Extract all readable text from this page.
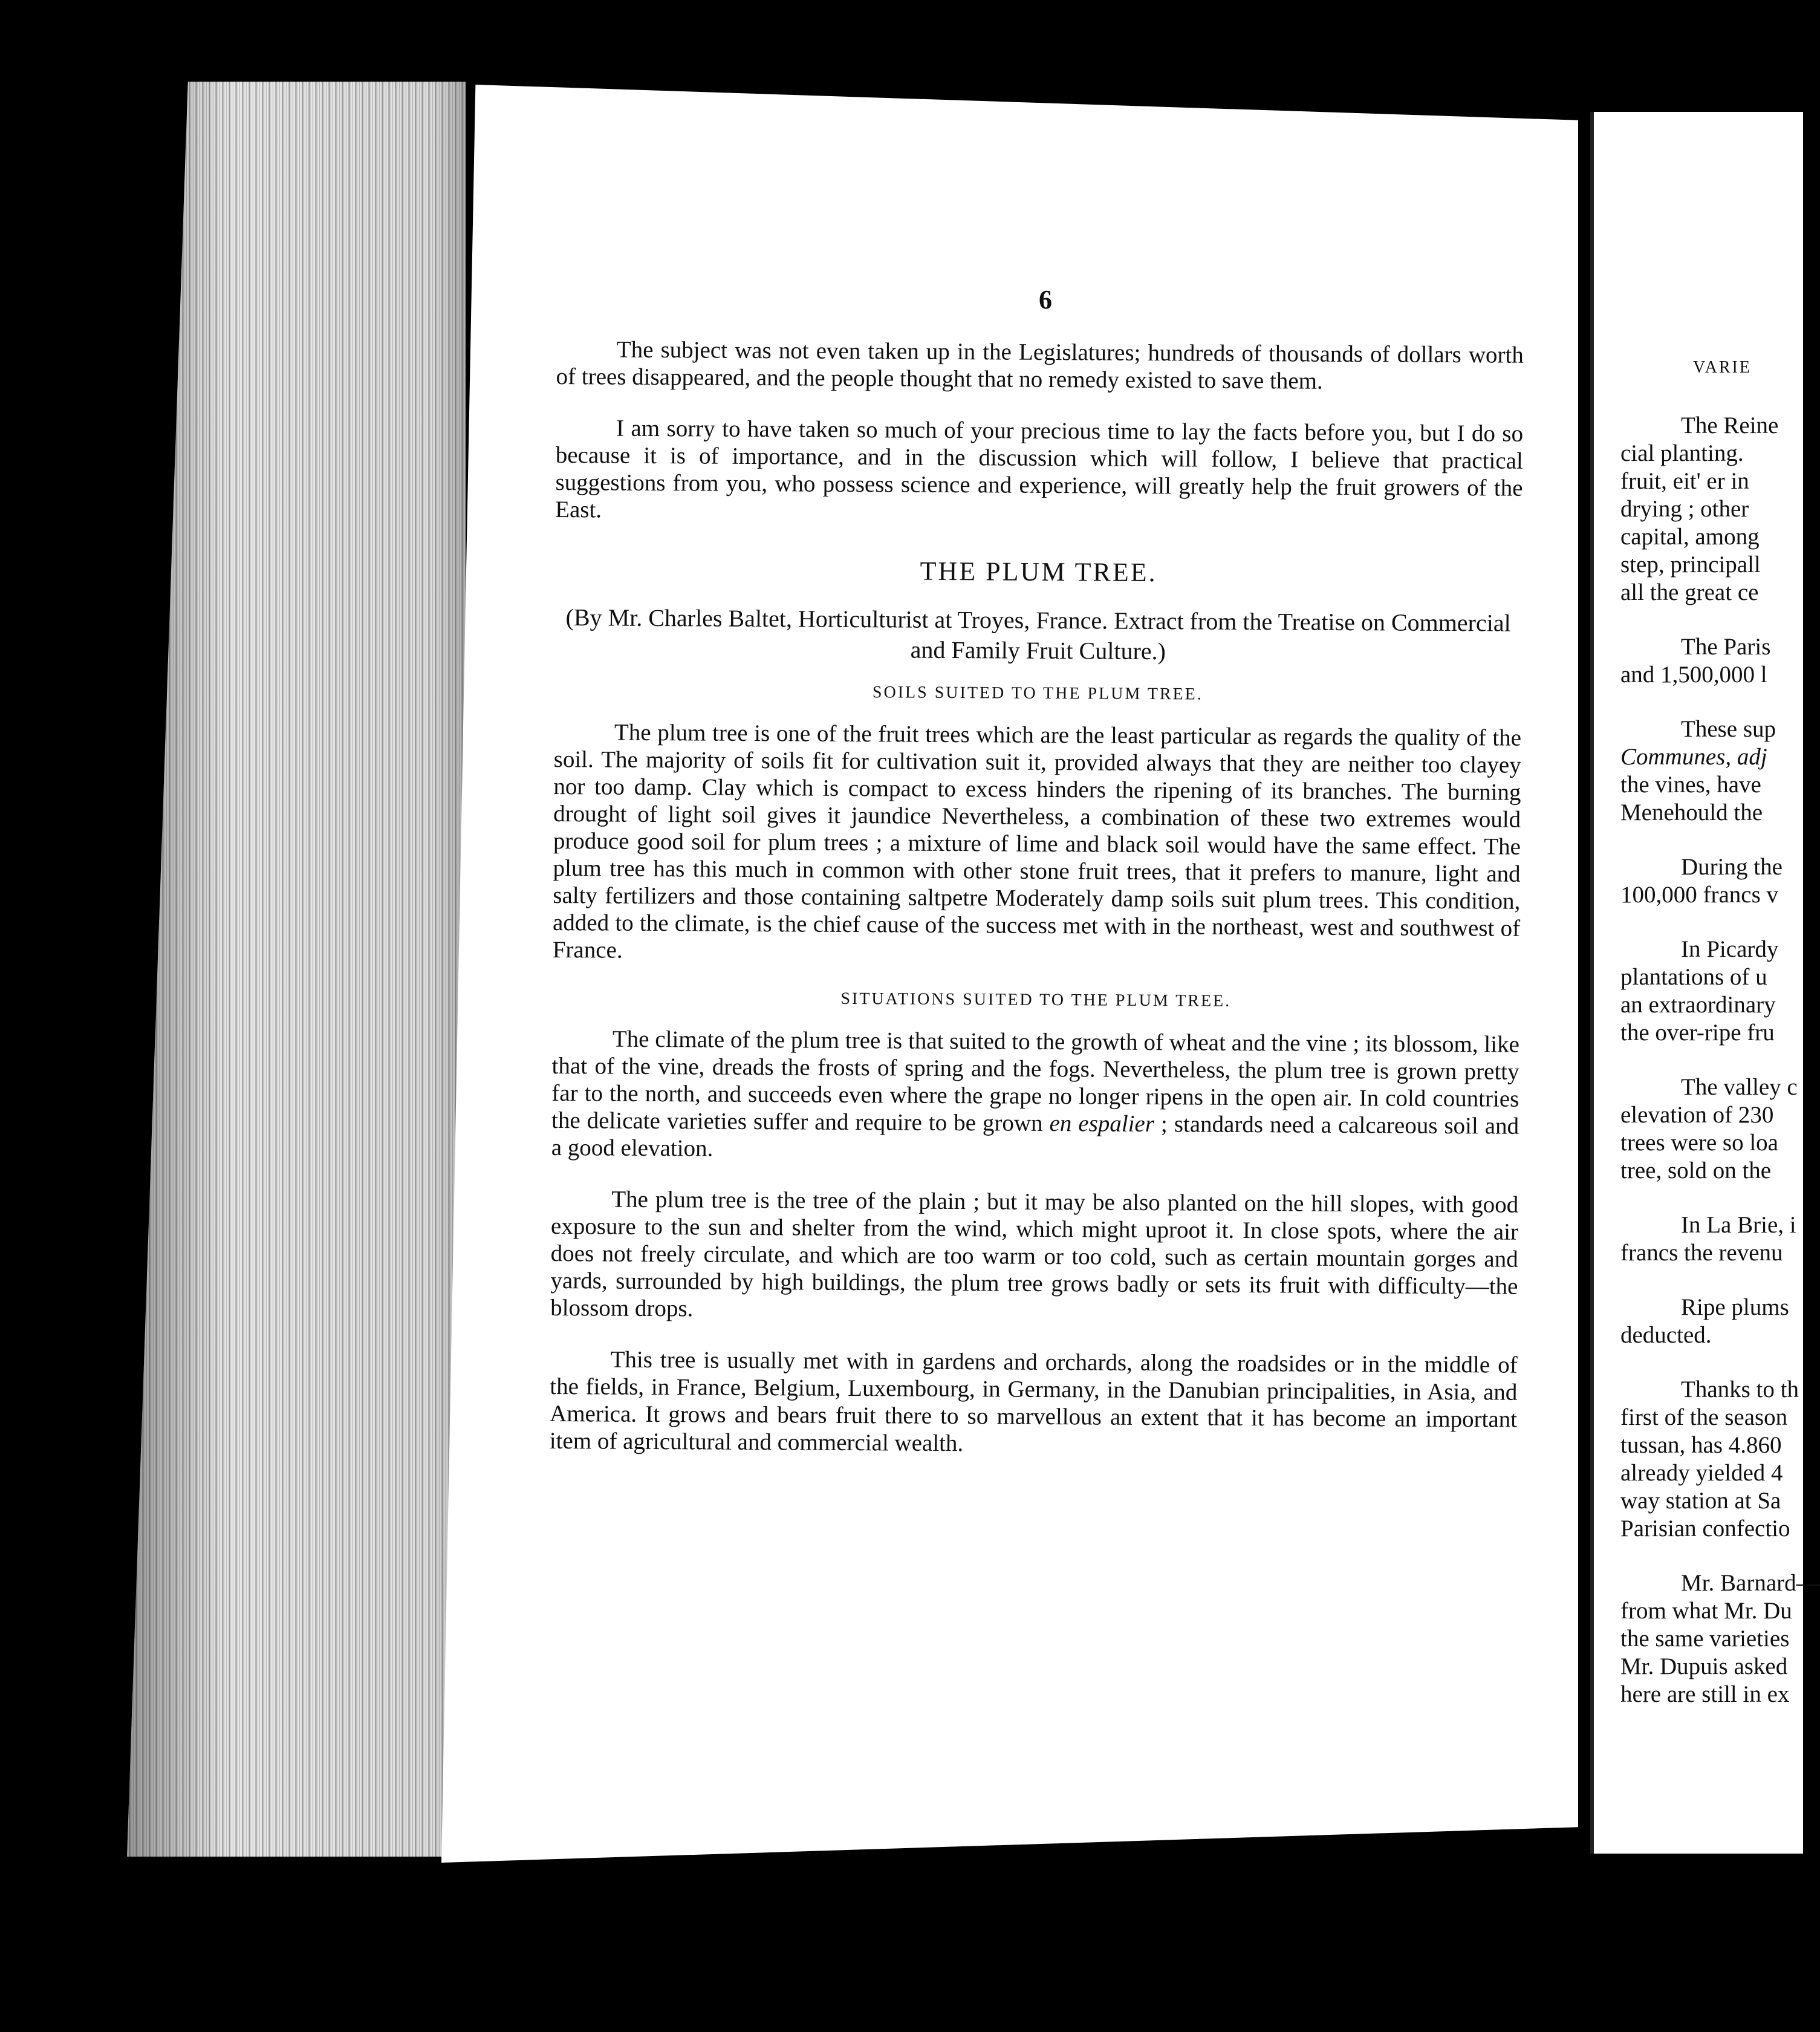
6

The subject was not even taken up in the Legislatures; hundreds of thousands of dollars worth of trees disappeared, and the people thought that no remedy existed to save them.

I am sorry to have taken so much of your precious time to lay the facts before you, but I do so because it is of importance, and in the discussion which will follow, I believe that practical suggestions from you, who possess science and experience, will greatly help the fruit growers of the East.

THE PLUM TREE.
(By Mr. Charles Baltet, Horticulturist at Troyes, France. Extract from the Treatise on Commercial and Family Fruit Culture.)
SOILS SUITED TO THE PLUM TREE.

The plum tree is one of the fruit trees which are the least particular as regards the quality of the soil. The majority of soils fit for cultivation suit it, provided always that they are neither too clayey nor too damp. Clay which is compact to excess hinders the ripening of its branches. The burning drought of light soil gives it jaundice Nevertheless, a combination of these two extremes would produce good soil for plum trees ; a mixture of lime and black soil would have the same effect. The plum tree has this much in common with other stone fruit trees, that it prefers to manure, light and salty fertilizers and those containing saltpetre Moderately damp soils suit plum trees. This condition, added to the climate, is the chief cause of the success met with in the northeast, west and southwest of France.

SITUATIONS SUITED TO THE PLUM TREE.

The climate of the plum tree is that suited to the growth of wheat and the vine ; its blossom, like that of the vine, dreads the frosts of spring and the fogs. Nevertheless, the plum tree is grown pretty far to the north, and succeeds even where the grape no longer ripens in the open air. In cold countries the delicate varieties suffer and require to be grown en espalier ; standards need a calcareous soil and a good elevation.

The plum tree is the tree of the plain ; but it may be also planted on the hill slopes, with good exposure to the sun and shelter from the wind, which might uproot it. In close spots, where the air does not freely circulate, and which are too warm or too cold, such as certain mountain gorges and yards, surrounded by high buildings, the plum tree grows badly or sets its fruit with difficulty—the blossom drops.

This tree is usually met with in gardens and orchards, along the roadsides or in the middle of the fields, in France, Belgium, Luxembourg, in Germany, in the Danubian principalities, in Asia, and America. It grows and bears fruit there to so marvellous an extent that it has become an important item of agricultural and commercial wealth.

VARIE
The Reine
cial planting.
fruit, eit' er in
drying ; other
capital, among
step, principall
all the great ce
The Paris
and 1,500,000 l
These sup
Communes, adj
the vines, have
Menehould the
During the
100,000 francs v
In Picardy
plantations of u
an extraordinary
the over-ripe fru
The valley c
elevation of 230
trees were so loa
tree, sold on the
In La Brie, i
francs the revenu
Ripe plums
deducted.
Thanks to th
first of the season
tussan, has 4.860
already yielded 4
way station at Sa
Parisian confectio
Mr. Barnard—
from what Mr. Du
the same varieties
Mr. Dupuis asked
here are still in ex
